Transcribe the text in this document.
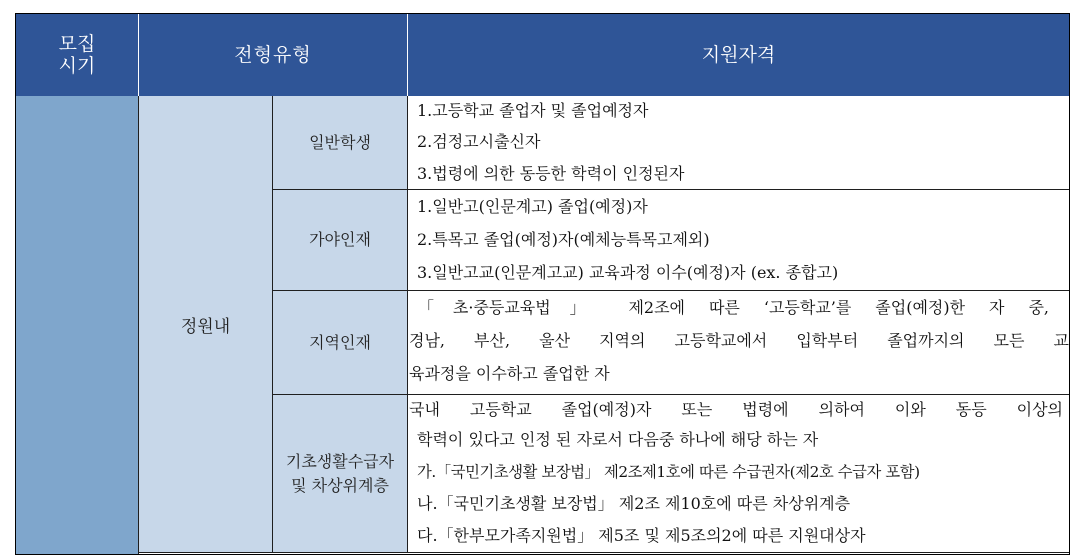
모집
시기	전형유형	지원자격
정원내
일반학생
1.고등학교 졸업자 및 졸업예정자
2.검정고시출신자
3.법령에 의한 동등한 학력이 인정된자
가야인재
1.일반고(인문계고) 졸업(예정)자
2.특목고 졸업(예정)자(예체능특목고제외)
3.일반고교(인문계고교) 교육과정 이수(예정)자 (ex. 종합고)
지역인재
「초·중등교육법」 제2조에 따른 ‘고등학교’를 졸업(예정)한 자 중,
경남, 부산, 울산 지역의 고등학교에서 입학부터 졸업까지의 모든 교
육과정을 이수하고 졸업한 자
기초생활수급자
및 차상위계층
국내 고등학교 졸업(예정)자 또는 법령에 의하여 이와 동등 이상의
학력이 있다고 인정 된 자로서 다음중 하나에 해당 하는 자
가.「국민기초생활 보장법」 제2조제1호에 따른 수급권자(제2호 수급자 포함)
나.「국민기초생활 보장법」 제2조 제10호에 따른 차상위계층
다.「한부모가족지원법」 제5조 및 제5조의2에 따른 지원대상자
